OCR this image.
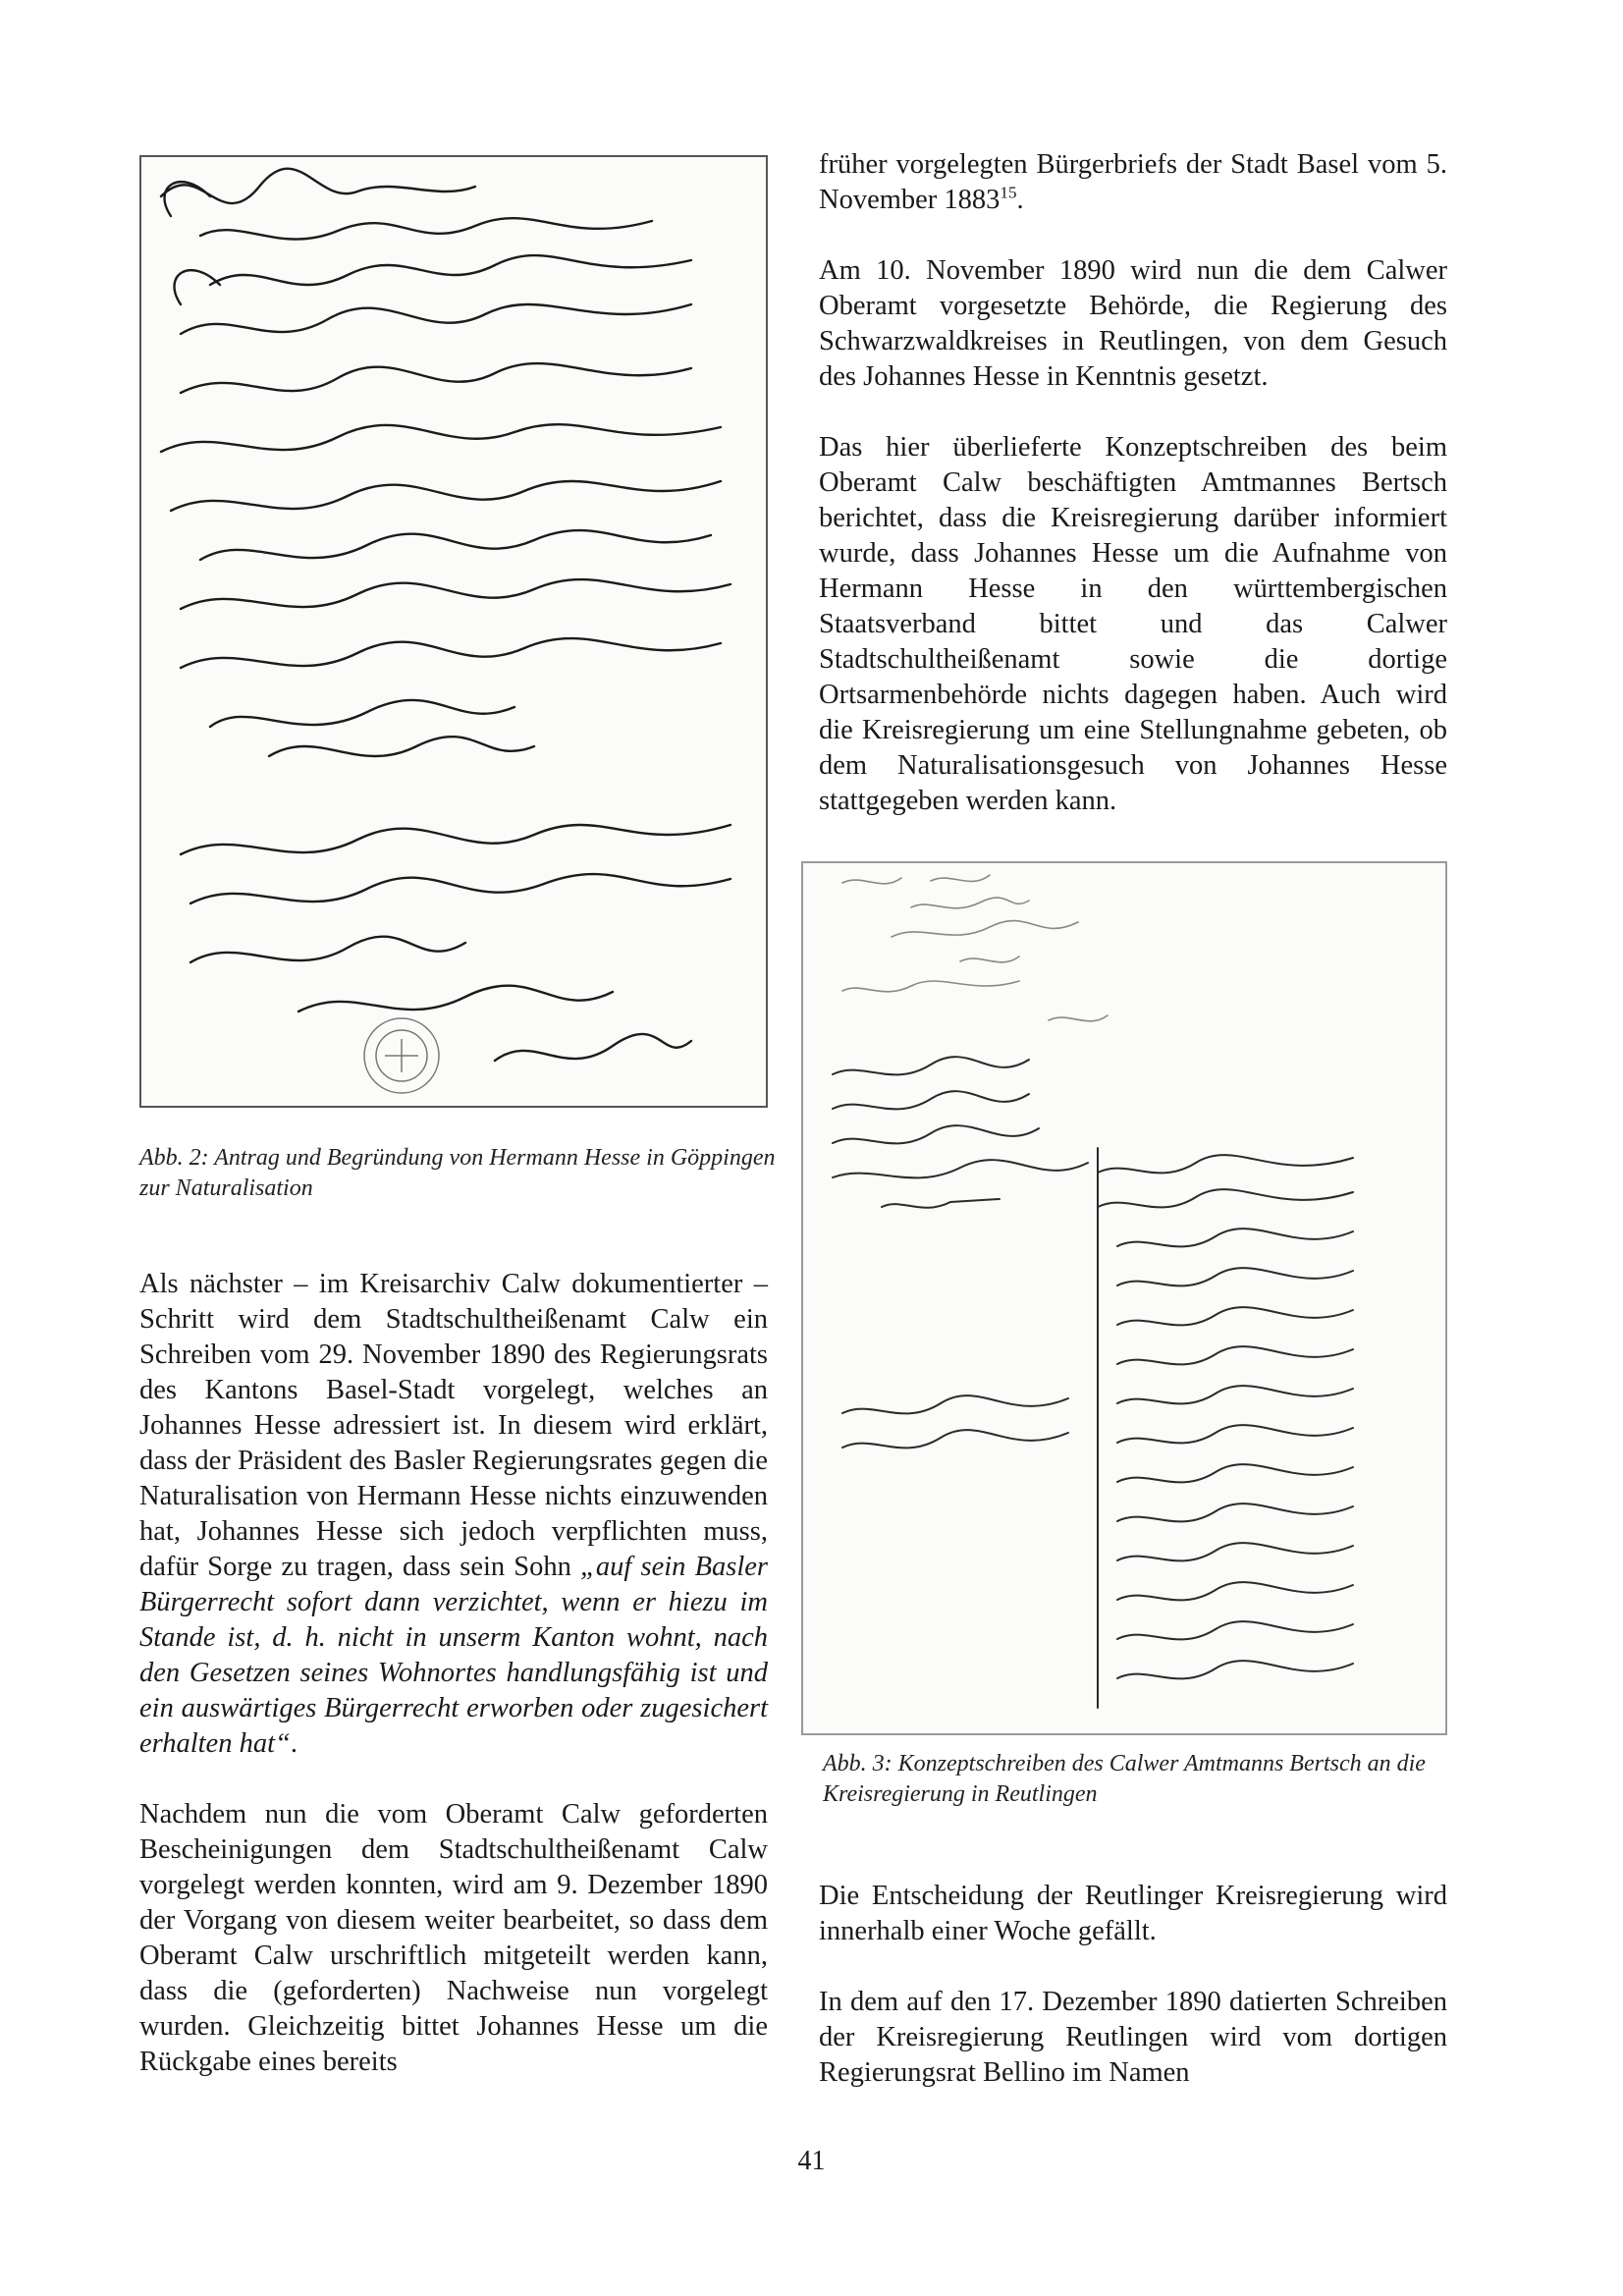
Abb. 2: Antrag und Begründung von Hermann Hesse in Göppingen zur Naturalisation

Als nächster – im Kreisarchiv Calw dokumentierter – Schritt wird dem Stadtschultheißenamt Calw ein Schreiben vom 29. November 1890 des Regierungsrats des Kantons Basel-Stadt vorgelegt, welches an Johannes Hesse adressiert ist. In diesem wird erklärt, dass der Präsident des Basler Regierungsrates gegen die Naturalisation von Hermann Hesse nichts einzuwenden hat, Johannes Hesse sich jedoch verpflichten muss, dafür Sorge zu tragen, dass sein Sohn „auf sein Basler Bürgerrecht sofort dann verzichtet, wenn er hiezu im Stande ist, d. h. nicht in unserm Kanton wohnt, nach den Gesetzen seines Wohnortes handlungsfähig ist und ein auswärtiges Bürgerrecht erworben oder zugesichert erhalten hat“.

Nachdem nun die vom Oberamt Calw geforderten Bescheinigungen dem Stadtschultheißenamt Calw vorgelegt werden konnten, wird am 9. Dezember 1890 der Vorgang von diesem weiter bearbeitet, so dass dem Oberamt Calw urschriftlich mitgeteilt werden kann, dass die (geforderten) Nachweise nun vorgelegt wurden. Gleichzeitig bittet Johannes Hesse um die Rückgabe eines bereits

früher vorgelegten Bürgerbriefs der Stadt Basel vom 5. November 1883$^{15}$.

Am 10. November 1890 wird nun die dem Calwer Oberamt vorgesetzte Behörde, die Regierung des Schwarzwaldkreises in Reutlingen, von dem Gesuch des Johannes Hesse in Kenntnis gesetzt.

Das hier überlieferte Konzeptschreiben des beim Oberamt Calw beschäftigten Amtmannes Bertsch berichtet, dass die Kreisregierung darüber informiert wurde, dass Johannes Hesse um die Aufnahme von Hermann Hesse in den württembergischen Staatsverband bittet und das Calwer Stadtschultheißenamt sowie die dortige Ortsarmenbehörde nichts dagegen haben. Auch wird die Kreisregierung um eine Stellungnahme gebeten, ob dem Naturalisationsgesuch von Johannes Hesse stattgegeben werden kann.

Abb. 3: Konzeptschreiben des Calwer Amtmanns Bertsch an die Kreisregierung in Reutlingen

Die Entscheidung der Reutlinger Kreisregierung wird innerhalb einer Woche gefällt.

In dem auf den 17. Dezember 1890 datierten Schreiben der Kreisregierung Reutlingen wird vom dortigen Regierungsrat Bellino im Namen

41
